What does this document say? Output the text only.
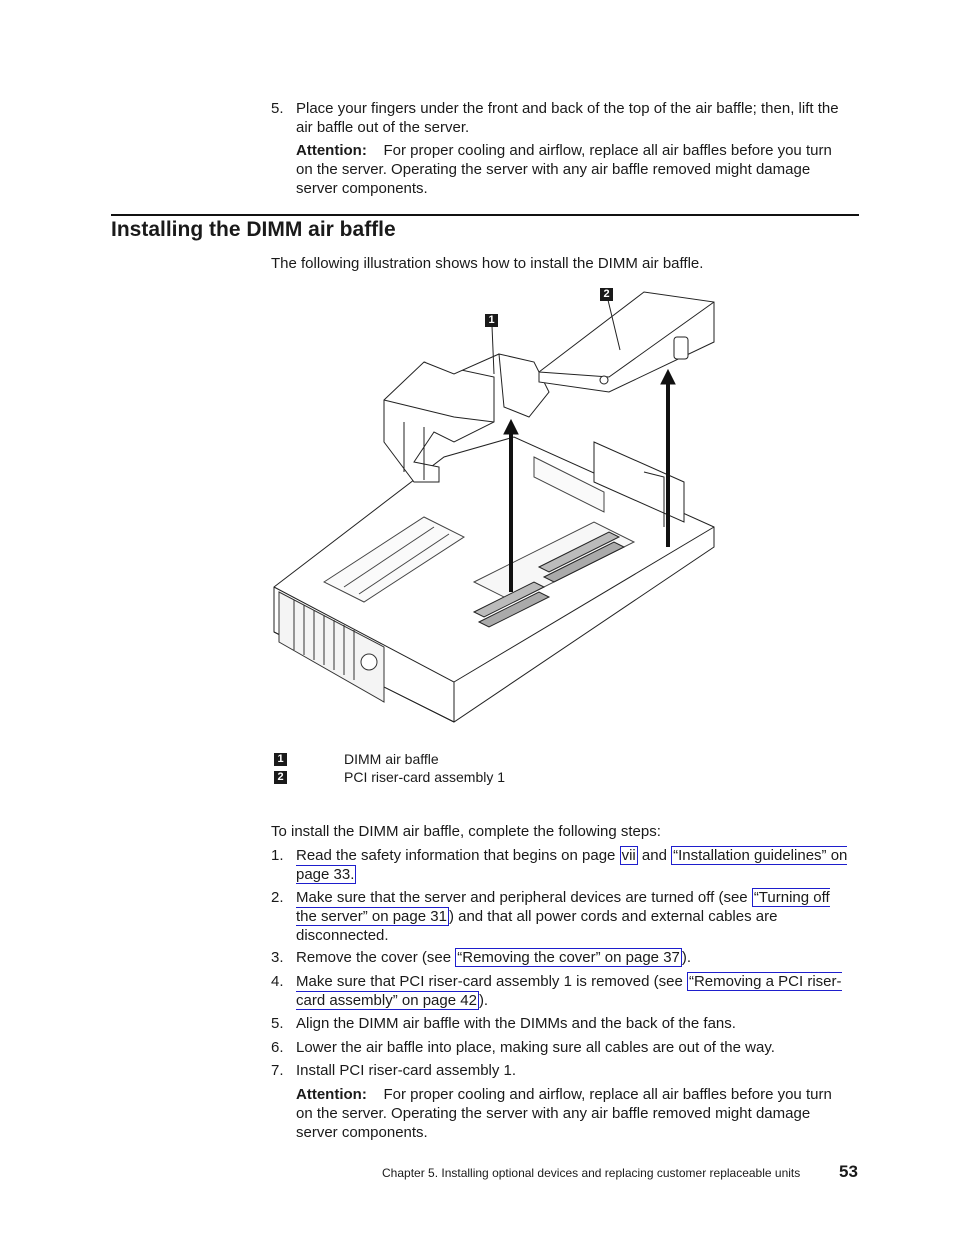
5. Place your fingers under the front and back of the top of the air baffle; then, lift the air baffle out of the server.

Attention: For proper cooling and airflow, replace all air baffles before you turn on the server. Operating the server with any air baffle removed might damage server components.

Installing the DIMM air baffle

The following illustration shows how to install the DIMM air baffle.

1
2
1	DIMM air baffle
2	PCI riser-card assembly 1

To install the DIMM air baffle, complete the following steps:

1. Read the safety information that begins on page vii and “Installation guidelines” on page 33.

2. Make sure that the server and peripheral devices are turned off (see “Turning off the server” on page 31 ) and that all power cords and external cables are disconnected.

3. Remove the cover (see “Removing the cover” on page 37 ).

4. Make sure that PCI riser-card assembly 1 is removed (see “Removing a PCI riser-card assembly” on page 42 ).

5. Align the DIMM air baffle with the DIMMs and the back of the fans.

6. Lower the air baffle into place, making sure all cables are out of the way.

7. Install PCI riser-card assembly 1.

Attention: For proper cooling and airflow, replace all air baffles before you turn on the server. Operating the server with any air baffle removed might damage server components.

Chapter 5. Installing optional devices and replacing customer replaceable units 53
